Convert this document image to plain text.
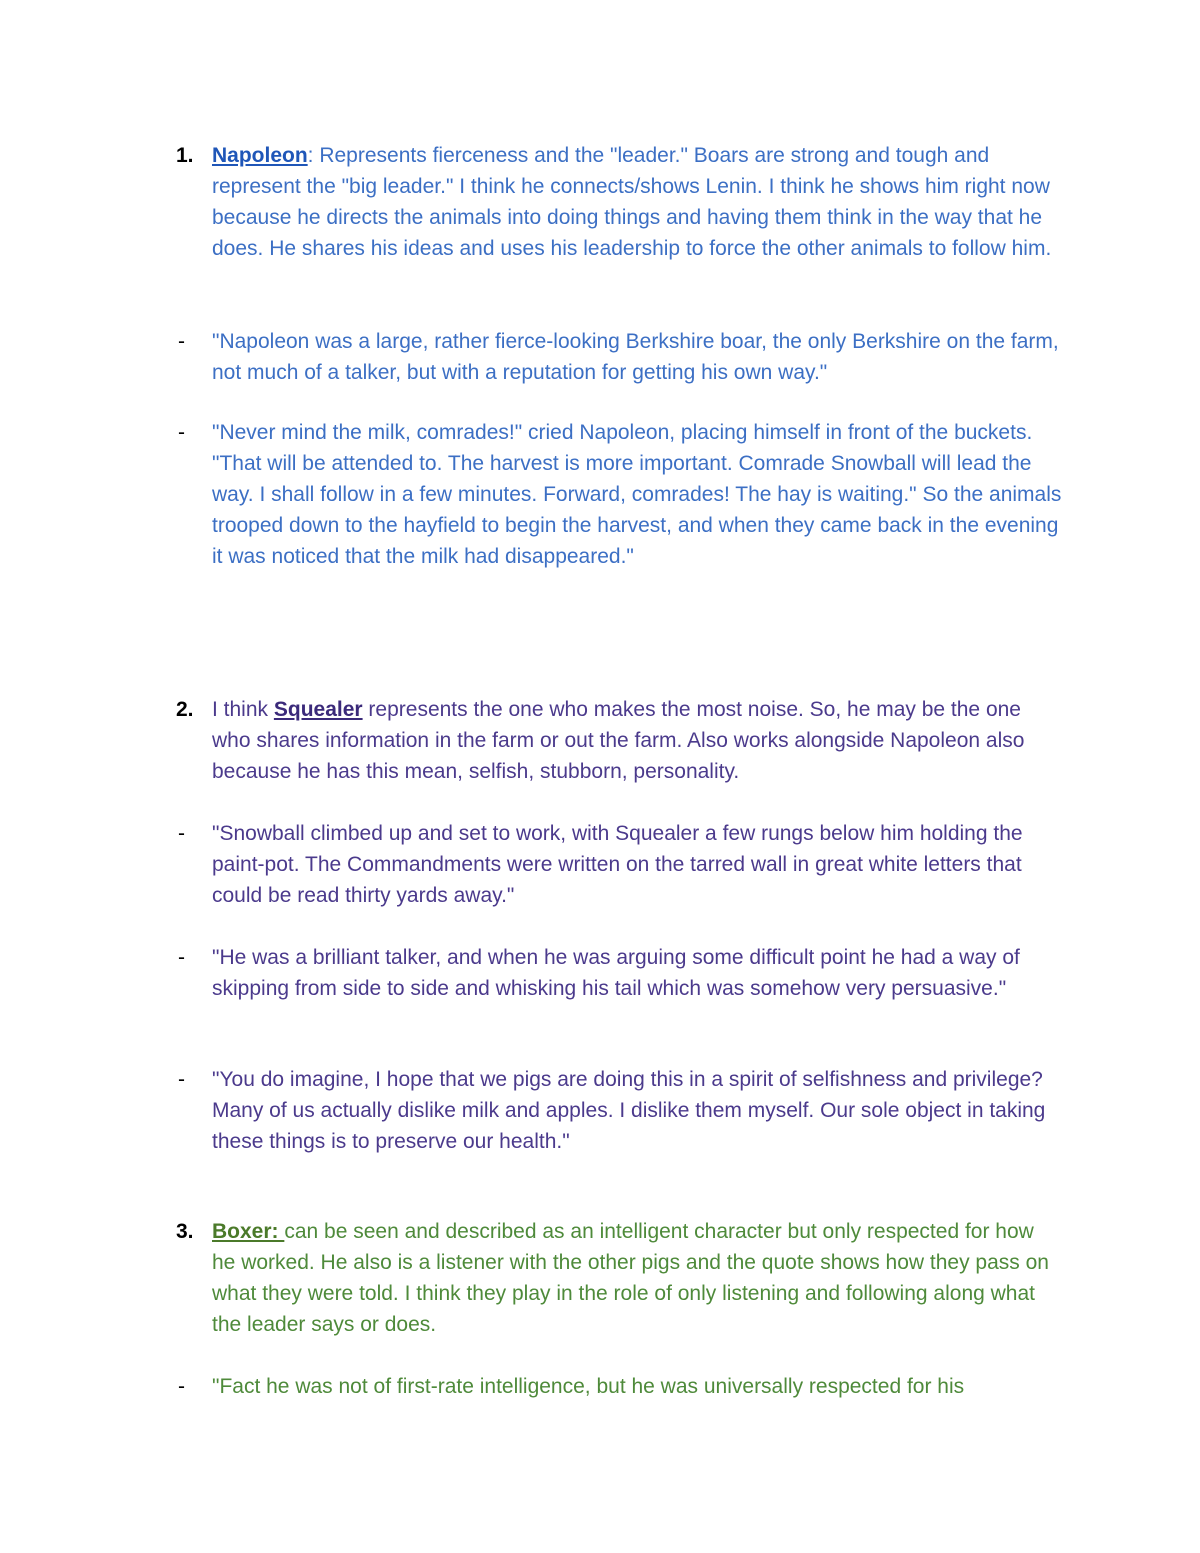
1. Napoleon: Represents fierceness and the "leader." Boars are strong and tough and represent the "big leader." I think he connects/shows Lenin. I think he shows him right now because he directs the animals into doing things and having them think in the way that he does. He shares his ideas and uses his leadership to force the other animals to follow him.

- "Napoleon was a large, rather fierce-looking Berkshire boar, the only Berkshire on the farm, not much of a talker, but with a reputation for getting his own way."

- "Never mind the milk, comrades!" cried Napoleon, placing himself in front of the buckets. "That will be attended to. The harvest is more important. Comrade Snowball will lead the way. I shall follow in a few minutes. Forward, comrades! The hay is waiting." So the animals trooped down to the hayfield to begin the harvest, and when they came back in the evening it was noticed that the milk had disappeared."

2. I think Squealer represents the one who makes the most noise. So, he may be the one who shares information in the farm or out the farm. Also works alongside Napoleon also because he has this mean, selfish, stubborn, personality.

- "Snowball climbed up and set to work, with Squealer a few rungs below him holding the paint-pot. The Commandments were written on the tarred wall in great white letters that could be read thirty yards away."

- "He was a brilliant talker, and when he was arguing some difficult point he had a way of skipping from side to side and whisking his tail which was somehow very persuasive."

- "You do imagine, I hope that we pigs are doing this in a spirit of selfishness and privilege? Many of us actually dislike milk and apples. I dislike them myself. Our sole object in taking these things is to preserve our health."

3. Boxer: can be seen and described as an intelligent character but only respected for how he worked. He also is a listener with the other pigs and the quote shows how they pass on what they were told. I think they play in the role of only listening and following along what the leader says or does.

- "Fact he was not of first-rate intelligence, but he was universally respected for his
